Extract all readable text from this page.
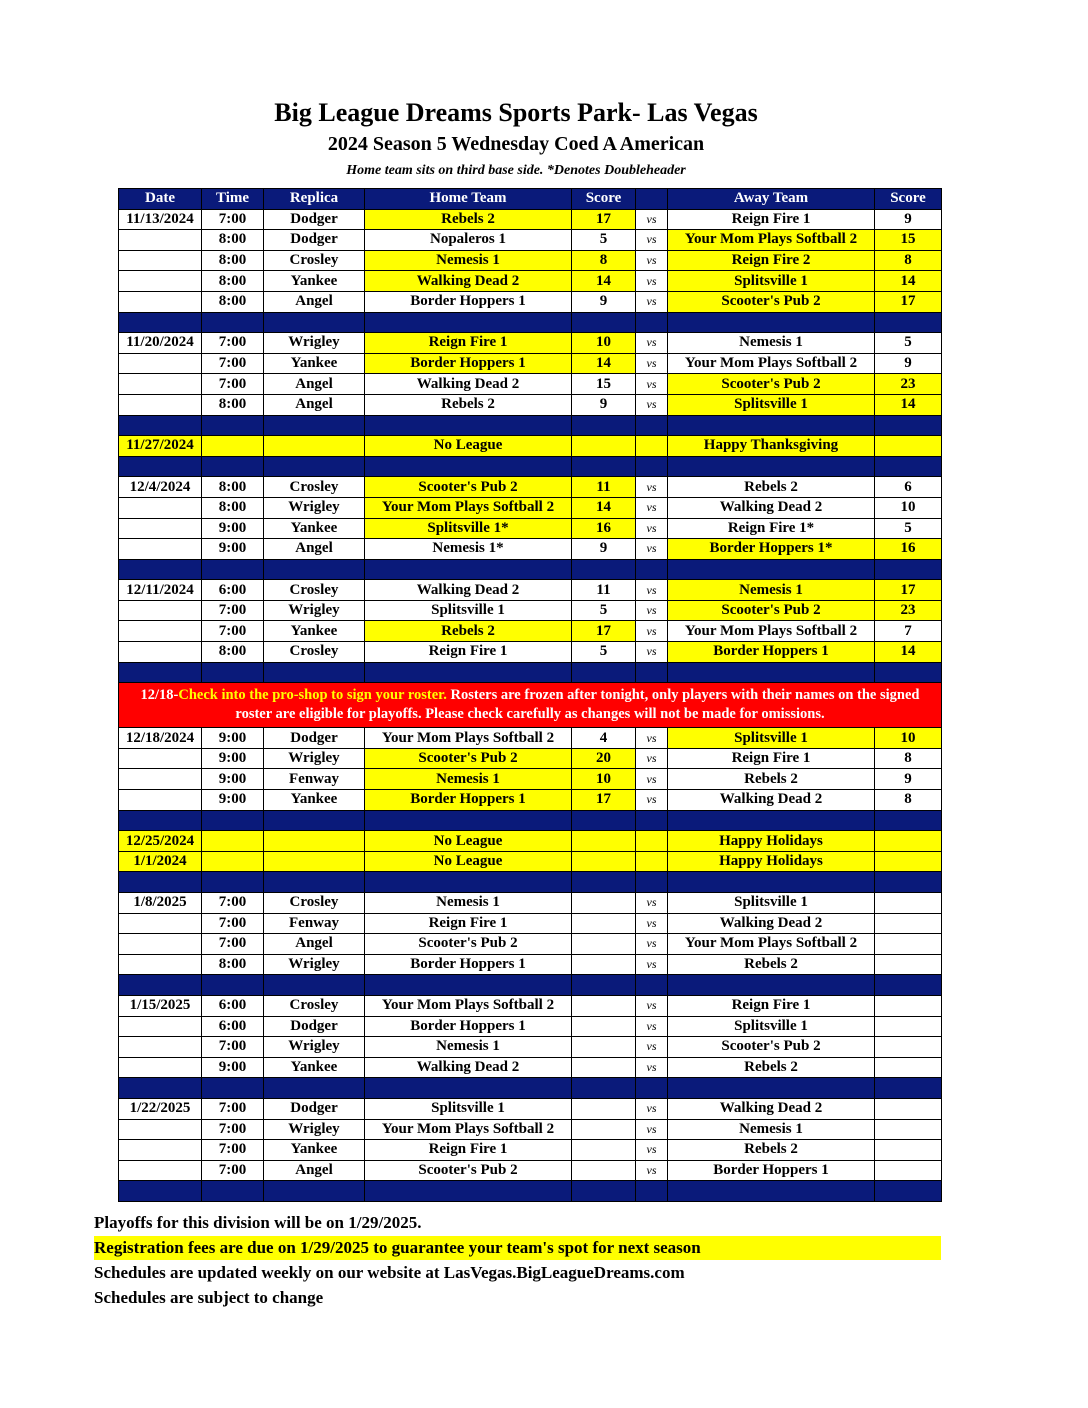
Big League Dreams Sports Park- Las Vegas
2024 Season 5 Wednesday Coed A American
Home team sits on third base side. *Denotes Doubleheader
Date	Time	Replica	Home Team	Score		Away Team	Score
11/13/2024	7:00	Dodger	Rebels 2	17	vs	Reign Fire 1	9
	8:00	Dodger	Nopaleros 1	5	vs	Your Mom Plays Softball 2	15
	8:00	Crosley	Nemesis 1	8	vs	Reign Fire 2	8
	8:00	Yankee	Walking Dead 2	14	vs	Splitsville 1	14
	8:00	Angel	Border Hoppers 1	9	vs	Scooter's Pub 2	17

11/20/2024	7:00	Wrigley	Reign Fire 1	10	vs	Nemesis 1	5
	7:00	Yankee	Border Hoppers 1	14	vs	Your Mom Plays Softball 2	9
	7:00	Angel	Walking Dead 2	15	vs	Scooter's Pub 2	23
	8:00	Angel	Rebels 2	9	vs	Splitsville 1	14

11/27/2024			No League			Happy Thanksgiving	

12/4/2024	8:00	Crosley	Scooter's Pub 2	11	vs	Rebels 2	6
	8:00	Wrigley	Your Mom Plays Softball 2	14	vs	Walking Dead 2	10
	9:00	Yankee	Splitsville 1*	16	vs	Reign Fire 1*	5
	9:00	Angel	Nemesis 1*	9	vs	Border Hoppers 1*	16

12/11/2024	6:00	Crosley	Walking Dead 2	11	vs	Nemesis 1	17
	7:00	Wrigley	Splitsville 1	5	vs	Scooter's Pub 2	23
	7:00	Yankee	Rebels 2	17	vs	Your Mom Plays Softball 2	7
	8:00	Crosley	Reign Fire 1	5	vs	Border Hoppers 1	14

12/18-Check into the pro-shop to sign your roster. Rosters are frozen after tonight, only players with their names on the signed roster are eligible for playoffs. Please check carefully as changes will not be made for omissions.							
12/18/2024	9:00	Dodger	Your Mom Plays Softball 2	4	vs	Splitsville 1	10
	9:00	Wrigley	Scooter's Pub 2	20	vs	Reign Fire 1	8
	9:00	Fenway	Nemesis 1	10	vs	Rebels 2	9
	9:00	Yankee	Border Hoppers 1	17	vs	Walking Dead 2	8

12/25/2024			No League			Happy Holidays	
1/1/2024			No League			Happy Holidays	

1/8/2025	7:00	Crosley	Nemesis 1		vs	Splitsville 1	
	7:00	Fenway	Reign Fire 1		vs	Walking Dead 2	
	7:00	Angel	Scooter's Pub 2		vs	Your Mom Plays Softball 2	
	8:00	Wrigley	Border Hoppers 1		vs	Rebels 2	

1/15/2025	6:00	Crosley	Your Mom Plays Softball 2		vs	Reign Fire 1	
	6:00	Dodger	Border Hoppers 1		vs	Splitsville 1	
	7:00	Wrigley	Nemesis 1		vs	Scooter's Pub 2	
	9:00	Yankee	Walking Dead 2		vs	Rebels 2	

1/22/2025	7:00	Dodger	Splitsville 1		vs	Walking Dead 2	
	7:00	Wrigley	Your Mom Plays Softball 2		vs	Nemesis 1	
	7:00	Yankee	Reign Fire 1		vs	Rebels 2	
	7:00	Angel	Scooter's Pub 2		vs	Border Hoppers 1	

Playoffs for this division will be on 1/29/2025.
Registration fees are due on 1/29/2025 to guarantee your team's spot for next season
Schedules are updated weekly on our website at LasVegas.BigLeagueDreams.com
Schedules are subject to change
